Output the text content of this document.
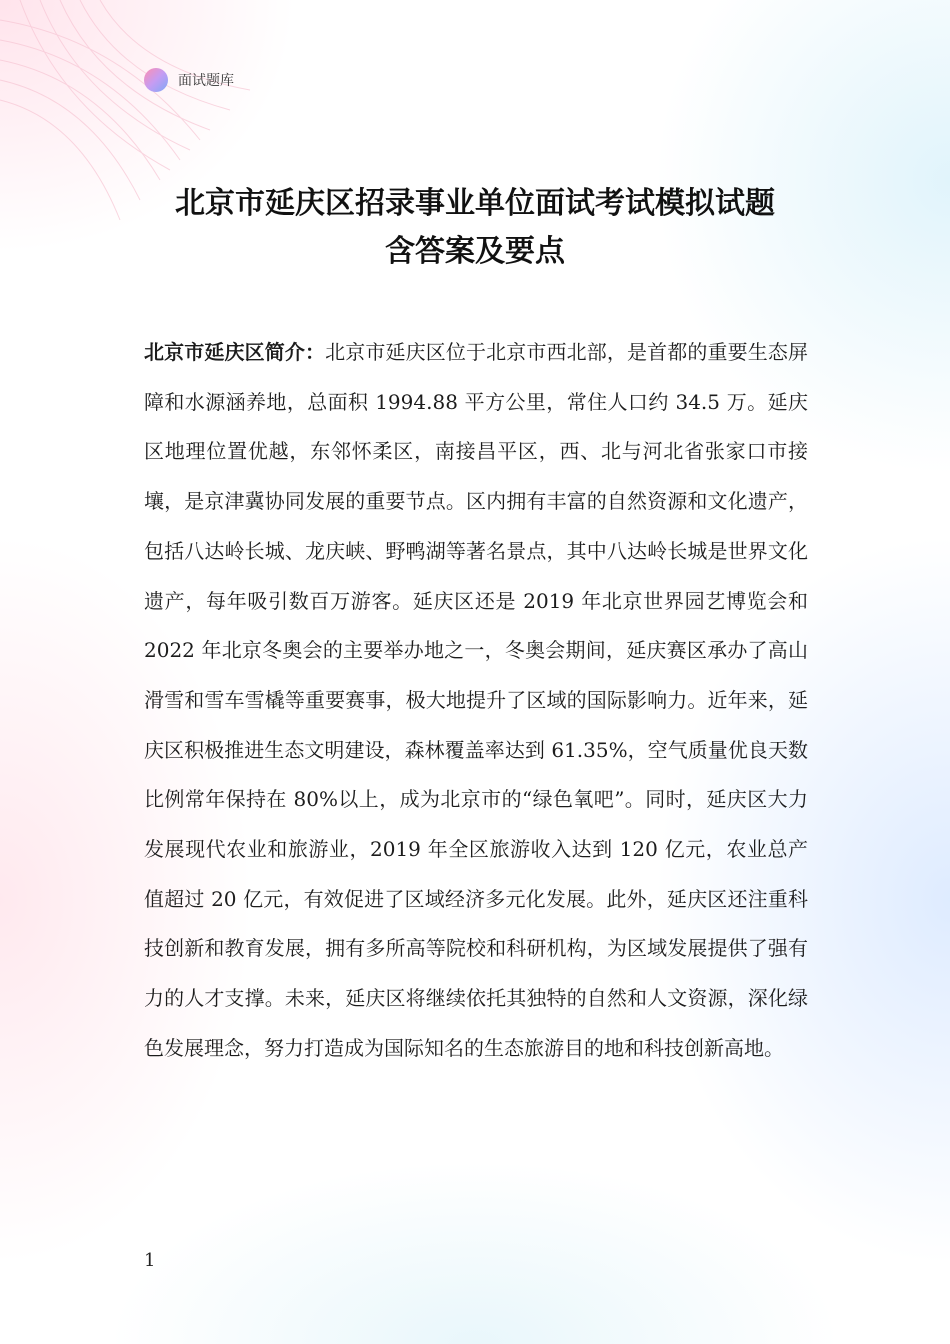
面试题库
北京市延庆区招录事业单位面试考试模拟试题
含答案及要点
北京市延庆区简介：北京市延庆区位于北京市西北部，是首都的重要生态屏障和水源涵养地，总面积 1994.88 平方公里，常住人口约 34.5 万。延庆区地理位置优越，东邻怀柔区，南接昌平区，西、北与河北省张家口市接壤，是京津冀协同发展的重要节点。区内拥有丰富的自然资源和文化遗产，包括八达岭长城、龙庆峡、野鸭湖等著名景点，其中八达岭长城是世界文化遗产，每年吸引数百万游客。延庆区还是 2019 年北京世界园艺博览会和 2022 年北京冬奥会的主要举办地之一，冬奥会期间，延庆赛区承办了高山滑雪和雪车雪橇等重要赛事，极大地提升了区域的国际影响力。近年来，延庆区积极推进生态文明建设，森林覆盖率达到 61.35%，空气质量优良天数比例常年保持在 80%以上，成为北京市的“绿色氧吧”。同时，延庆区大力发展现代农业和旅游业，2019 年全区旅游收入达到 120 亿元，农业总产值超过 20 亿元，有效促进了区域经济多元化发展。此外，延庆区还注重科技创新和教育发展，拥有多所高等院校和科研机构，为区域发展提供了强有力的人才支撑。未来，延庆区将继续依托其独特的自然和人文资源，深化绿色发展理念，努力打造成为国际知名的生态旅游目的地和科技创新高地。
1
